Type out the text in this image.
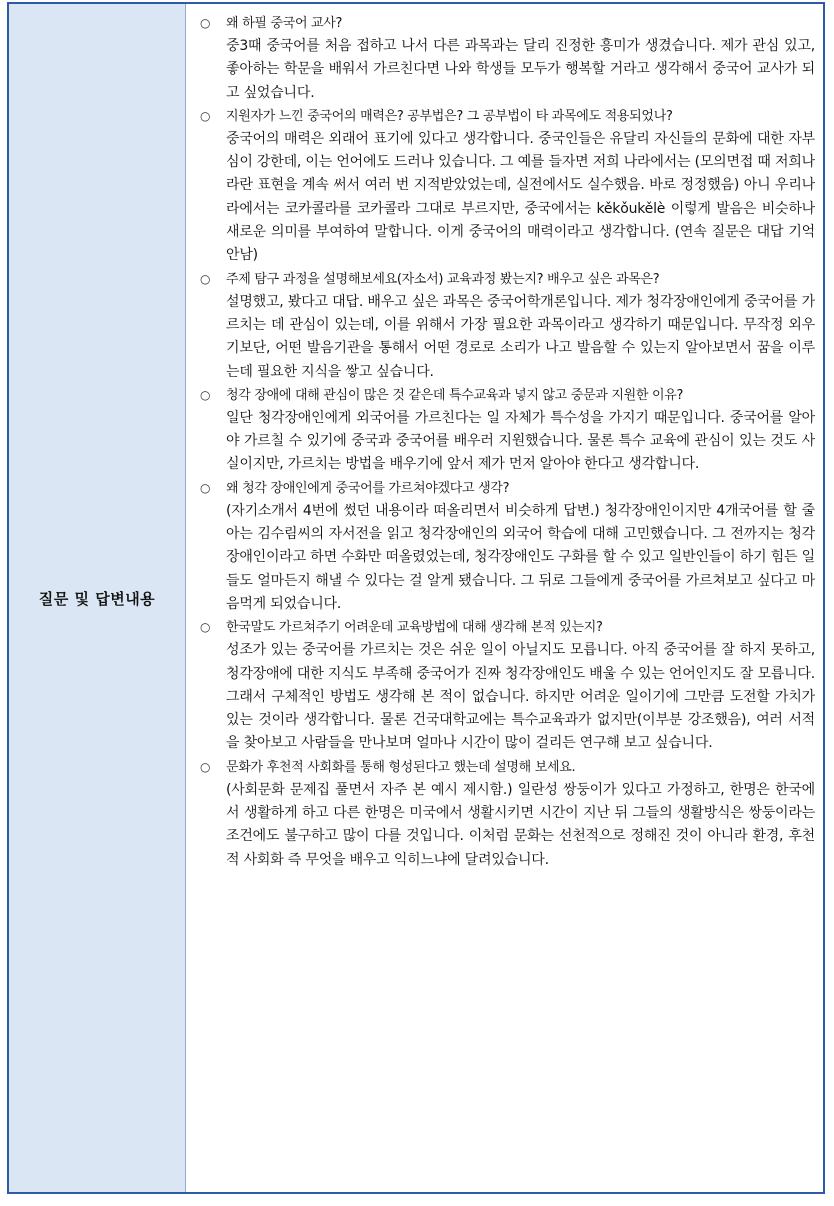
질문 및 답변내용
○	왜 하필 중국어 교사?
중3때 중국어를 처음 접하고 나서 다른 과목과는 달리 진정한 흥미가 생겼습니다. 제가 관심 있고, 좋아하는 학문을 배워서 가르친다면 나와 학생들 모두가 행복할 거라고 생각해서 중국어 교사가 되고 싶었습니다.
○	지원자가 느낀 중국어의 매력은? 공부법은? 그 공부법이 타 과목에도 적용되었나?
중국어의 매력은 외래어 표기에 있다고 생각합니다. 중국인들은 유달리 자신들의 문화에 대한 자부심이 강한데, 이는 언어에도 드러나 있습니다. 그 예를 들자면 저희 나라에서는 (모의면접 때 저희나라란 표현을 계속 써서 여러 번 지적받았었는데, 실전에서도 실수했음. 바로 정정했음) 아니 우리나라에서는 코카콜라를 코카콜라 그대로 부르지만, 중국에서는 kěkǒukělè 이렇게 발음은 비슷하나 새로운 의미를 부여하여 말합니다. 이게 중국어의 매력이라고 생각합니다. (연속 질문은 대답 기억안남)
○	주제 탐구 과정을 설명해보세요(자소서) 교육과정 봤는지? 배우고 싶은 과목은?
설명했고, 봤다고 대답. 배우고 싶은 과목은 중국어학개론입니다. 제가 청각장애인에게 중국어를 가르치는 데 관심이 있는데, 이를 위해서 가장 필요한 과목이라고 생각하기 때문입니다. 무작정 외우기보단, 어떤 발음기관을 통해서 어떤 경로로 소리가 나고 발음할 수 있는지 알아보면서 꿈을 이루는데 필요한 지식을 쌓고 싶습니다.
○	청각 장애에 대해 관심이 많은 것 같은데 특수교육과 넣지 않고 중문과 지원한 이유?
일단 청각장애인에게 외국어를 가르친다는 일 자체가 특수성을 가지기 때문입니다. 중국어를 알아야 가르칠 수 있기에 중국과 중국어를 배우러 지원했습니다. 물론 특수 교육에 관심이 있는 것도 사실이지만, 가르치는 방법을 배우기에 앞서 제가 먼저 알아야 한다고 생각합니다.
○	왜 청각 장애인에게 중국어를 가르쳐야겠다고 생각?
(자기소개서 4번에 썼던 내용이라 떠올리면서 비슷하게 답변.) 청각장애인이지만 4개국어를 할 줄 아는 김수림씨의 자서전을 읽고 청각장애인의 외국어 학습에 대해 고민했습니다. 그 전까지는 청각장애인이라고 하면 수화만 떠올렸었는데, 청각장애인도 구화를 할 수 있고 일반인들이 하기 힘든 일들도 얼마든지 해낼 수 있다는 걸 알게 됐습니다. 그 뒤로 그들에게 중국어를 가르쳐보고 싶다고 마음먹게 되었습니다.
○	한국말도 가르쳐주기 어려운데 교육방법에 대해 생각해 본적 있는지?
성조가 있는 중국어를 가르치는 것은 쉬운 일이 아닐지도 모릅니다. 아직 중국어를 잘 하지 못하고, 청각장애에 대한 지식도 부족해 중국어가 진짜 청각장애인도 배울 수 있는 언어인지도 잘 모릅니다. 그래서 구체적인 방법도 생각해 본 적이 없습니다. 하지만 어려운 일이기에 그만큼 도전할 가치가 있는 것이라 생각합니다. 물론 건국대학교에는 특수교육과가 없지만(이부분 강조했음), 여러 서적을 찾아보고 사람들을 만나보며 얼마나 시간이 많이 걸리든 연구해 보고 싶습니다.
○	문화가 후천적 사회화를 통해 형성된다고 했는데 설명해 보세요.
(사회문화 문제집 풀면서 자주 본 예시 제시함.) 일란성 쌍둥이가 있다고 가정하고, 한명은 한국에서 생활하게 하고 다른 한명은 미국에서 생활시키면 시간이 지난 뒤 그들의 생활방식은 쌍둥이라는 조건에도 불구하고 많이 다를 것입니다. 이처럼 문화는 선천적으로 정해진 것이 아니라 환경, 후천적 사회화 즉 무엇을 배우고 익히느냐에 달려있습니다.
